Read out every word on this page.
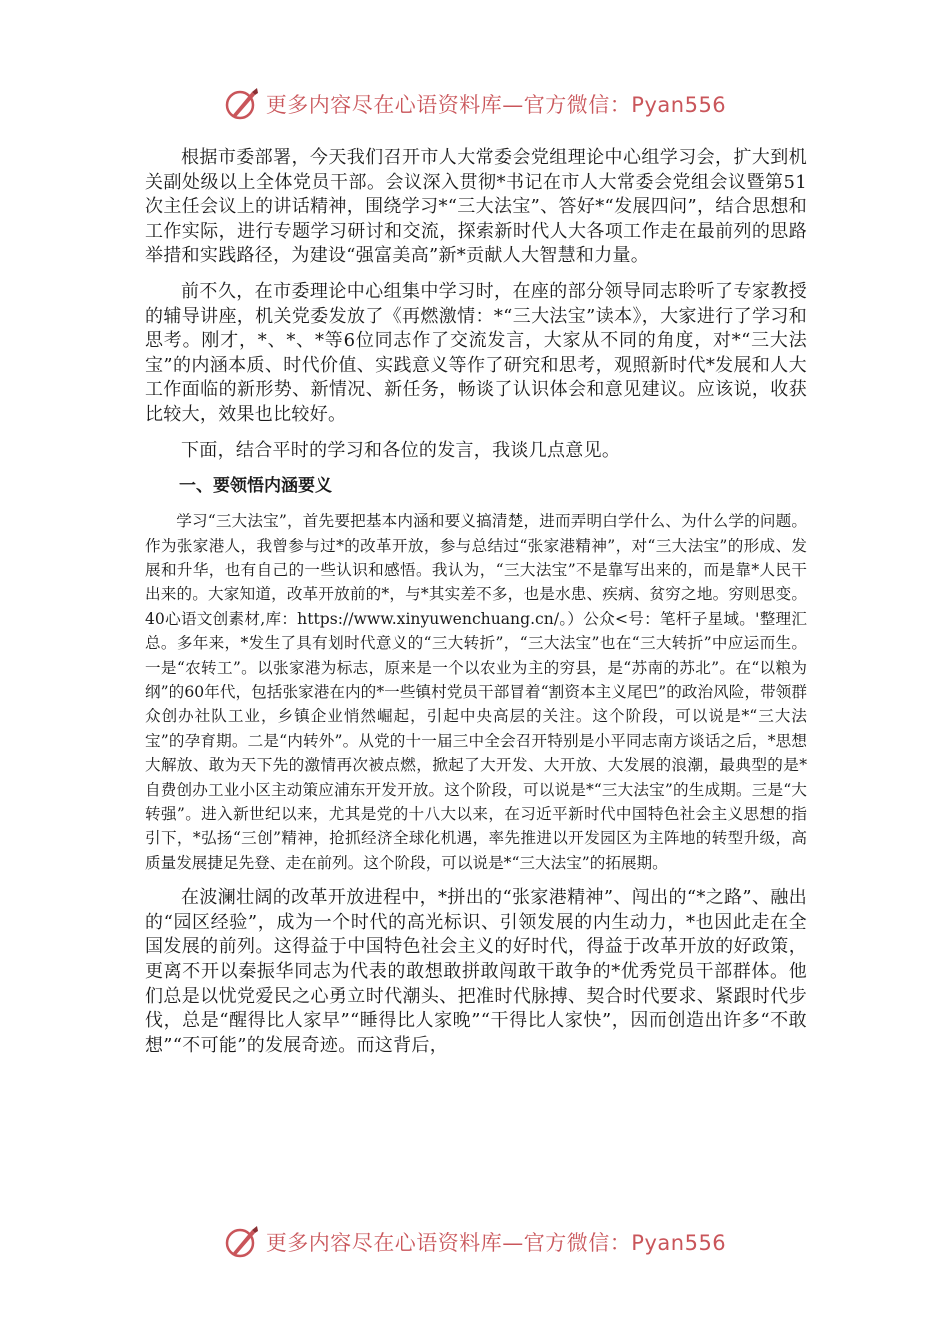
更多内容尽在心语资料库—官方微信：Pyan556

根据市委部署，今天我们召开市人大常委会党组理论中心组学习会，扩大到机关副处级以上全体党员干部。会议深入贯彻*书记在市人大常委会党组会议暨第51次主任会议上的讲话精神，围绕学习*“三大法宝”、答好*“发展四问”，结合思想和工作实际，进行专题学习研讨和交流，探索新时代人大各项工作走在最前列的思路举措和实践路径，为建设“强富美高”新*贡献人大智慧和力量。

前不久，在市委理论中心组集中学习时，在座的部分领导同志聆听了专家教授的辅导讲座，机关党委发放了《再燃激情：*“三大法宝”读本》，大家进行了学习和思考。刚才，*、*、*等6位同志作了交流发言，大家从不同的角度，对*“三大法宝”的内涵本质、时代价值、实践意义等作了研究和思考，观照新时代*发展和人大工作面临的新形势、新情况、新任务，畅谈了认识体会和意见建议。应该说，收获比较大，效果也比较好。

下面，结合平时的学习和各位的发言，我谈几点意见。

一、要领悟内涵要义

学习“三大法宝”，首先要把基本内涵和要义搞清楚，进而弄明白学什么、为什么学的问题。作为张家港人，我曾参与过*的改革开放，参与总结过“张家港精神”，对“三大法宝”的形成、发展和升华，也有自己的一些认识和感悟。我认为，“三大法宝”不是靠写出来的，而是靠*人民干出来的。大家知道，改革开放前的*，与*其实差不多，也是水患、疾病、贫穷之地。穷则思变。40心语文创素材,库：https://www.xinyuwenchuang.cn/。）公众<号：笔杆子星域。'整理汇总。多年来，*发生了具有划时代意义的“三大转折”，“三大法宝”也在“三大转折”中应运而生。一是“农转工”。以张家港为标志，原来是一个以农业为主的穷县，是“苏南的苏北”。在“以粮为纲”的60年代，包括张家港在内的*一些镇村党员干部冒着“割资本主义尾巴”的政治风险，带领群众创办社队工业，乡镇企业悄然崛起，引起中央高层的关注。这个阶段，可以说是*“三大法宝”的孕育期。二是“内转外”。从党的十一届三中全会召开特别是小平同志南方谈话之后，*思想大解放、敢为天下先的激情再次被点燃，掀起了大开发、大开放、大发展的浪潮，最典型的是*自费创办工业小区主动策应浦东开发开放。这个阶段，可以说是*“三大法宝”的生成期。三是“大转强”。进入新世纪以来，尤其是党的十八大以来，在习近平新时代中国特色社会主义思想的指引下，*弘扬“三创”精神，抢抓经济全球化机遇，率先推进以开发园区为主阵地的转型升级，高质量发展捷足先登、走在前列。这个阶段，可以说是*“三大法宝”的拓展期。

在波澜壮阔的改革开放进程中，*拼出的“张家港精神”、闯出的“*之路”、融出的“园区经验”，成为一个时代的高光标识、引领发展的内生动力，*也因此走在全国发展的前列。这得益于中国特色社会主义的好时代，得益于改革开放的好政策，更离不开以秦振华同志为代表的敢想敢拼敢闯敢干敢争的*优秀党员干部群体。他们总是以忧党爱民之心勇立时代潮头、把准时代脉搏、契合时代要求、紧跟时代步伐，总是“醒得比人家早”“睡得比人家晚”“干得比人家快”，因而创造出许多“不敢想”“不可能”的发展奇迹。而这背后，

更多内容尽在心语资料库—官方微信：Pyan556
